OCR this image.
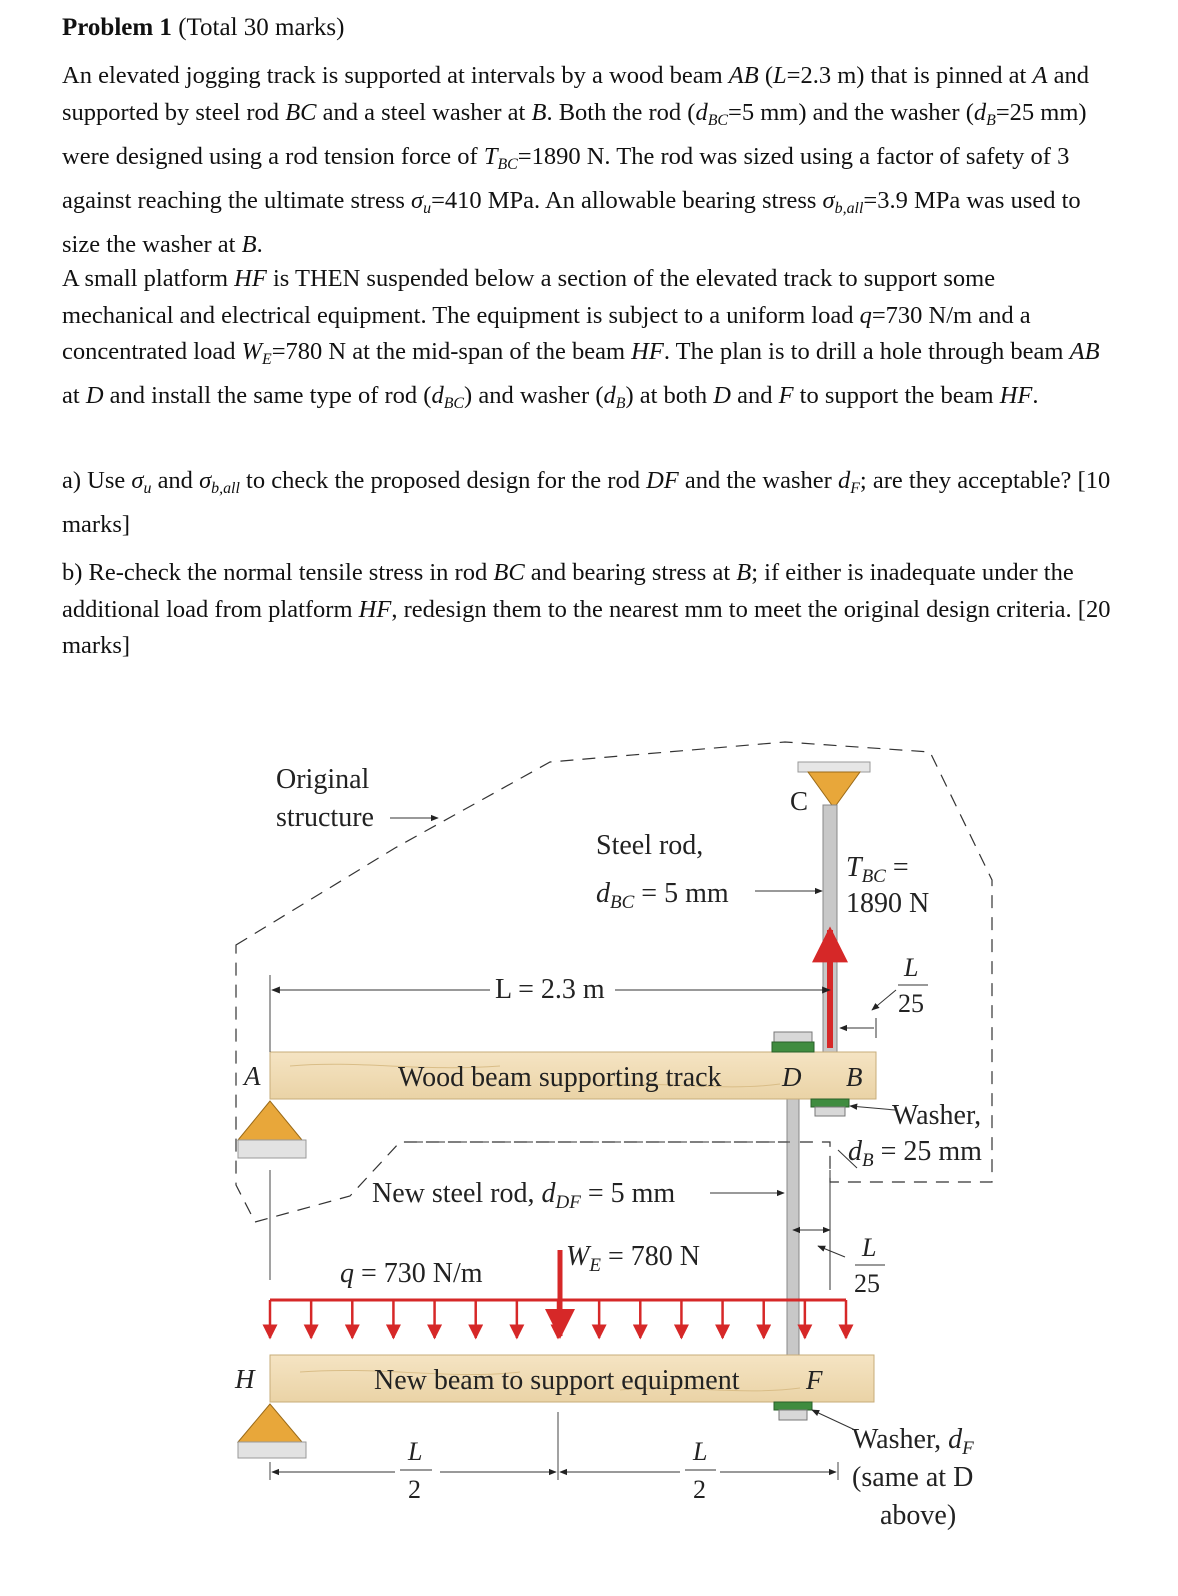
Problem 1 (Total 30 marks)

An elevated jogging track is supported at intervals by a wood beam AB (L=2.3 m) that is pinned at A and supported by steel rod BC and a steel washer at B. Both the rod ($d_{BC}=5$ mm) and the washer ($d_B=25$ mm) were designed using a rod tension force of $T_{BC}=1890$ N. The rod was sized using a factor of safety of 3 against reaching the ultimate stress $\sigma_u=410$ MPa. An allowable bearing stress $\sigma_{b,all}=3.9$ MPa was used to size the washer at B.

A small platform HF is THEN suspended below a section of the elevated track to support some mechanical and electrical equipment. The equipment is subject to a uniform load q=730 N/m and a concentrated load $W_E=780$ N at the mid-span of the beam HF. The plan is to drill a hole through beam AB at D and install the same type of rod $(d_{BC})$ and washer $(d_B)$ at both D and F to support the beam HF.

a) Use $\sigma_u$ and $\sigma_{b,all}$ to check the proposed design for the rod DF and the washer $d_F$; are they acceptable? [10 marks]

b) Re-check the normal tensile stress in rod BC and bearing stress at B; if either is inadequate under the additional load from platform HF, redesign them to the nearest mm to meet the original design criteria. [20 marks]

Original
structure
Steel rod,
$d_{BC} = 5$ mm
C
$T_{BC}$ =
1890 N
L = 2.3 m
L
25
A	Wood beam supporting track D B
Washer,
$d_B = 25$ mm
New steel rod, $d_{DF} = 5$ mm
L
25
q = 730 N/m
$W_E = 780$ N
H	New beam to support equipment F
L
2
L
2
Washer, $d_F$
(same at D
above)
